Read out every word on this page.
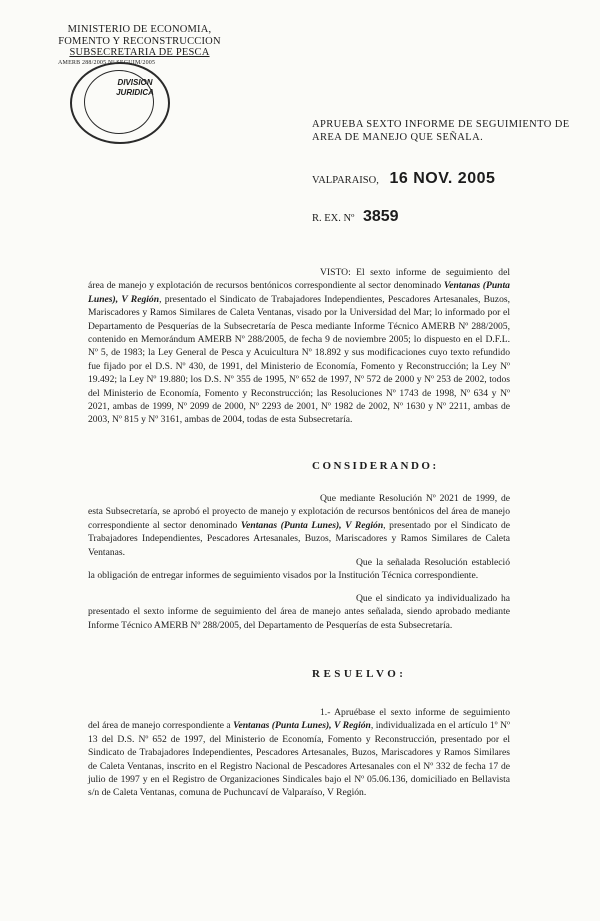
MINISTERIO DE ECONOMIA,
FOMENTO Y RECONSTRUCCION
SUBSECRETARIA DE PESCA
AMERB 288/2005 Nº SEGUIM/2005
DIVISION
JURIDICA
APRUEBA SEXTO INFORME DE SEGUIMIENTO DE AREA DE MANEJO QUE SEÑALA.
VALPARAISO, 16 NOV. 2005
R. EX. Nº 3859
VISTO: El sexto informe de seguimiento del área de manejo y explotación de recursos bentónicos correspondiente al sector denominado Ventanas (Punta Lunes), V Región, presentado el Sindicato de Trabajadores Independientes, Pescadores Artesanales, Buzos, Mariscadores y Ramos Similares de Caleta Ventanas, visado por la Universidad del Mar; lo informado por el Departamento de Pesquerías de la Subsecretaría de Pesca mediante Informe Técnico AMERB Nº 288/2005, contenido en Memorándum AMERB Nº 288/2005, de fecha 9 de noviembre 2005; lo dispuesto en el D.F.L. Nº 5, de 1983; la Ley General de Pesca y Acuicultura Nº 18.892 y sus modificaciones cuyo texto refundido fue fijado por el D.S. Nº 430, de 1991, del Ministerio de Economía, Fomento y Reconstrucción; la Ley Nº 19.492; la Ley Nº 19.880; los D.S. Nº 355 de 1995, Nº 652 de 1997, Nº 572 de 2000 y Nº 253 de 2002, todos del Ministerio de Economía, Fomento y Reconstrucción; las Resoluciones Nº 1743 de 1998, Nº 634 y Nº 2021, ambas de 1999, Nº 2099 de 2000, Nº 2293 de 2001, Nº 1982 de 2002, Nº 1630 y Nº 2211, ambas de 2003, Nº 815 y Nº 3161, ambas de 2004, todas de esta Subsecretaría.
CONSIDERANDO:
Que mediante Resolución Nº 2021 de 1999, de esta Subsecretaría, se aprobó el proyecto de manejo y explotación de recursos bentónicos del área de manejo correspondiente al sector denominado Ventanas (Punta Lunes), V Región, presentado por el Sindicato de Trabajadores Independientes, Pescadores Artesanales, Buzos, Mariscadores y Ramos Similares de Caleta Ventanas.
Que la señalada Resolución estableció la obligación de entregar informes de seguimiento visados por la Institución Técnica correspondiente.
Que el sindicato ya individualizado ha presentado el sexto informe de seguimiento del área de manejo antes señalada, siendo aprobado mediante Informe Técnico AMERB Nº 288/2005, del Departamento de Pesquerías de esta Subsecretaría.
RESUELVO:
1.- Apruébase el sexto informe de seguimiento del área de manejo correspondiente a Ventanas (Punta Lunes), V Región, individualizada en el artículo 1º Nº 13 del D.S. Nº 652 de 1997, del Ministerio de Economía, Fomento y Reconstrucción, presentado por el Sindicato de Trabajadores Independientes, Pescadores Artesanales, Buzos, Mariscadores y Ramos Similares de Caleta Ventanas, inscrito en el Registro Nacional de Pescadores Artesanales con el Nº 332 de fecha 17 de julio de 1997 y en el Registro de Organizaciones Sindicales bajo el Nº 05.06.136, domiciliado en Bellavista s/n de Caleta Ventanas, comuna de Puchuncaví de Valparaíso, V Región.
